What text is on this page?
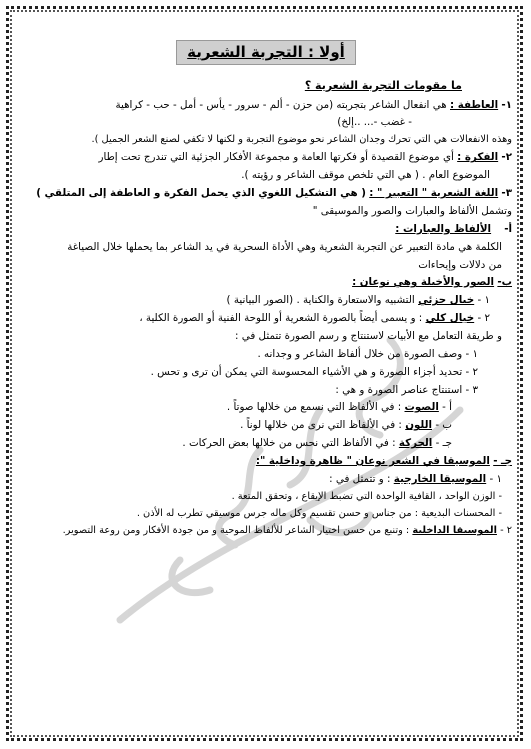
أولا : التجربة الشعرية
ما مقومات التجربة الشعرية ؟

١- العاطفة : هي انفعال الشاعر بتجربته (من حزن - ألم - سرور - يأس - أمل - حب - كراهية

- غضب -... ..إلخ)

وهذه الانفعالات هي التي تحرك وجدان الشاعر نحو موضوع التجربة و لكنها لا تكفي لصنع الشعر الجميل ).

٢- الفكرة : أي موضوع القصيدة أو فكرتها العامة و مجموعة الأفكار الجزئية التي تندرج تحت إطار

الموضوع العام . ( هي التي تلخص موقف الشاعر و رؤيته ).

٣- اللغة الشعرية " التعبير " : ( هي التشكيل اللغوي الذي يحمل الفكرة و العاطفة إلى المتلقي )

وتشمل الألفاظ والعبارات والصور والموسيقى "

أ-    الألفاظ والعبارات :

الكلمة هي مادة التعبير عن التجربة الشعرية وهي الأداة السحرية في يد الشاعر بما يحملها خلال الصياغة

من دلالات وإيحاءات

ب- الصور والأخيلة وهي نوعان :

١ - خيال جزئي التشبيه والاستعارة والكناية . (الصور البيانية )

٢ - خيال كلي : و يسمى أيضاً بالصورة الشعرية أو اللوحة الفنية أو الصورة الكلية ،

و طريقة التعامل مع الأبيات لاستنتاج و رسم الصورة تتمثل في :

١ - وصف الصورة من خلال ألفاظ الشاعر و وجدانه .

٢ - تحديد أجزاء الصورة و هي الأشياء المحسوسة التي يمكن أن ترى و تحس .

٣ - استنتاج عناصر الصورة و هي :

أ - الصوت : في الألفاظ التي نسمع من خلالها صوتاً .

ب - اللون : في الألفاظ التي نرى من خلالها لوناً .

جـ - الحركة : في الألفاظ التي نحس من خلالها بعض الحركات .

جـ - الموسيقا في الشعر نوعان " ظاهرة وداخلية ":

١ - الموسيقا الخارجية : و تتمثل في :

- الوزن الواحد ، القافية الواحدة التي تضبط الإيقاع ، وتحقق المتعة .

- المحسنات البديعية : من جناس و حسن تقسيم وكل ماله جرس موسيقي تطرب له الأذن .

٢ - الموسيقا الداخلية : وتنبع من حسن اختيار الشاعر للألفاظ الموحية و من جودة الأفكار ومن روعة التصوير.
